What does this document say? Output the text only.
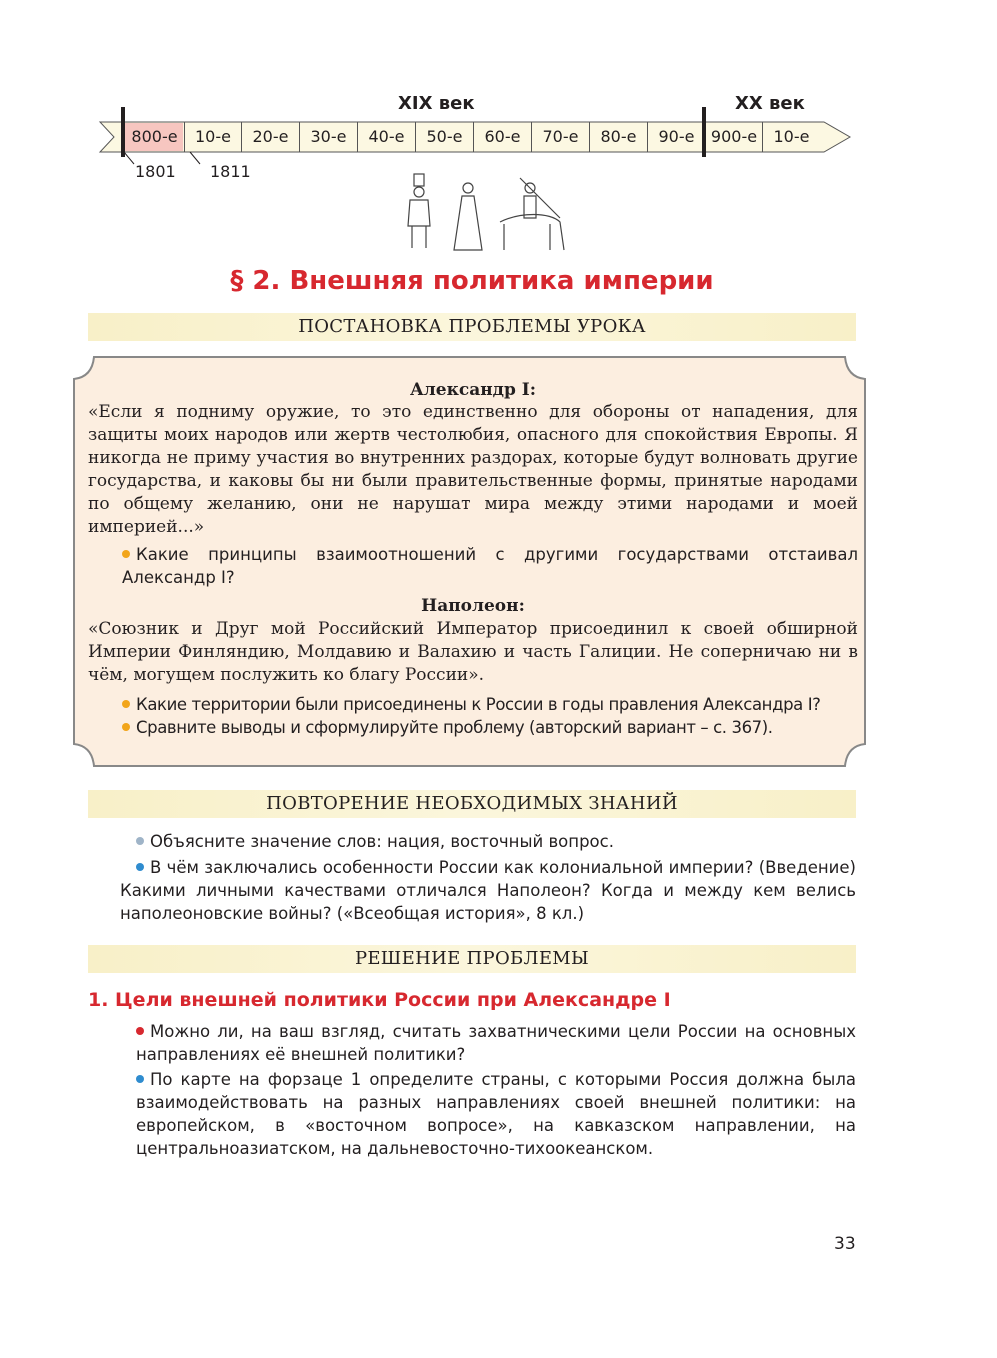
XIX век	XX век
800-е	10-е	20-е	30-е	40-е	50-е	60-е	70-е	80-е	90-е	900-е	10-е
1801 1811
§ 2. Внешняя политика империи
ПОСТАНОВКА ПРОБЛЕМЫ УРОКА
Александр I:
«Если я подниму оружие, то это единственно для обороны от нападения, для защиты моих народов или жертв честолюбия, опасного для спокойствия Европы. Я никогда не приму участия во внутренних раздорах, которые будут волновать другие государства, и каковы бы ни были правительственные формы, принятые народами по общему желанию, они не нарушат мира между этими народами и моей империей...»
Какие принципы взаимоотношений с другими государствами отстаивал Александр I?
Наполеон:
«Союзник и Друг мой Российский Император присоединил к своей обширной Империи Финляндию, Молдавию и Валахию и часть Галиции. Не соперничаю ни в чём, могущем послужить ко благу России».
Какие территории были присоединены к России в годы правления Александра I?
Сравните выводы и сформулируйте проблему (авторский вариант – с. 367).
ПОВТОРЕНИЕ НЕОБХОДИМЫХ ЗНАНИЙ
Объясните значение слов: нация, восточный вопрос.
В чём заключались особенности России как колониальной империи? (Введение) Какими личными качествами отличался Наполеон? Когда и между кем велись наполеоновские войны? («Всеобщая история», 8 кл.)
РЕШЕНИЕ ПРОБЛЕМЫ
1. Цели внешней политики России при Александре I
Можно ли, на ваш взгляд, считать захватническими цели России на основных направлениях её внешней политики?
По карте на форзаце 1 определите страны, с которыми Россия должна была взаимодействовать на разных направлениях своей внешней политики: на европейском, в «восточном вопросе», на кавказском направлении, на центральноазиатском, на дальневосточно-тихоокеанском.
33
